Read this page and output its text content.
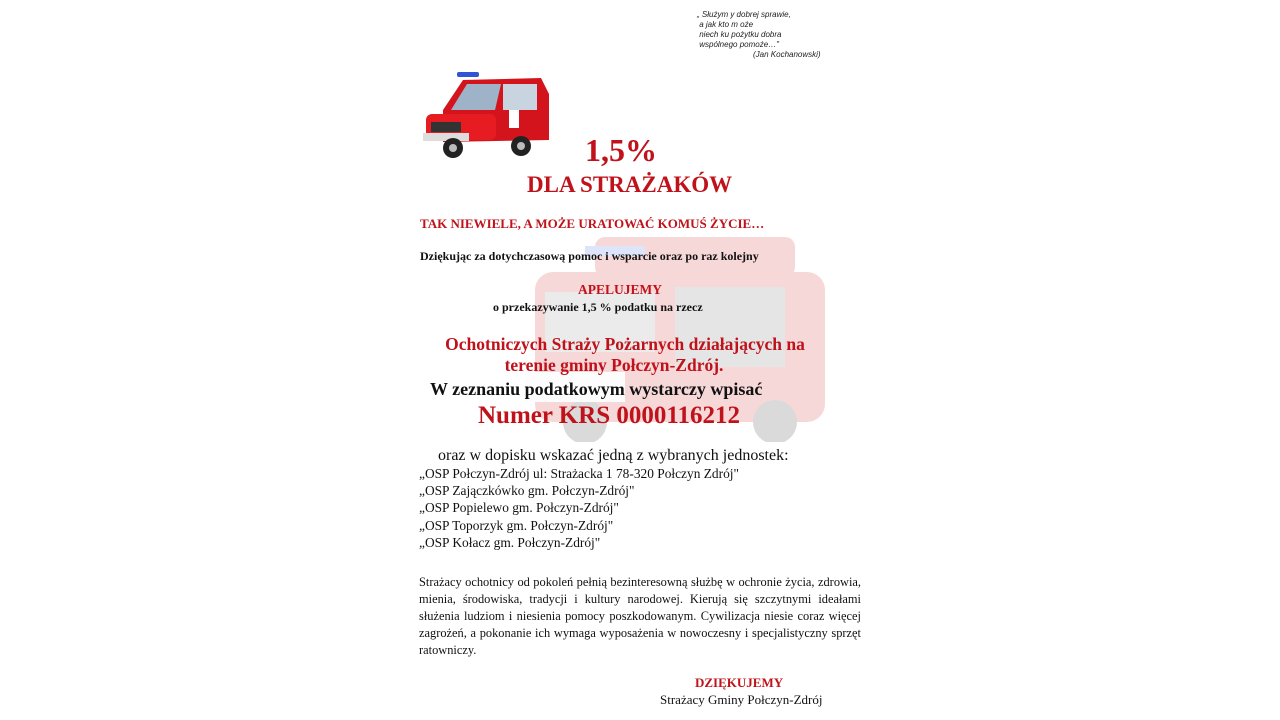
„ Służym y dobrej sprawie,
a jak kto m oże
niech ku pożytku dobra
wspólnego pomoże…"
(Jan Kochanowski)
1,5%
DLA STRAŻAKÓW
TAK NIEWIELE, A MOŻE URATOWAĆ KOMUŚ ŻYCIE…
Dziękując za dotychczasową pomoc i wsparcie oraz po raz kolejny
APELUJEMY
o przekazywanie 1,5 % podatku na rzecz
Ochotniczych Straży Pożarnych działających na
terenie gminy Połczyn-Zdrój.
W zeznaniu podatkowym wystarczy wpisać
Numer KRS 0000116212
oraz w dopisku wskazać jedną z wybranych jednostek:
„OSP Połczyn-Zdrój ul: Strażacka 1 78-320 Połczyn Zdrój"
„OSP Zajączkówko gm. Połczyn-Zdrój"
„OSP Popielewo gm. Połczyn-Zdrój"
„OSP Toporzyk gm. Połczyn-Zdrój"
„OSP Kołacz gm. Połczyn-Zdrój"
Strażacy ochotnicy od pokoleń pełnią bezinteresowną służbę w ochronie życia, zdrowia, mienia, środowiska, tradycji i kultury narodowej. Kierują się szczytnymi ideałami służenia ludziom i niesienia pomocy poszkodowanym. Cywilizacja niesie coraz więcej zagrożeń, a pokonanie ich wymaga wyposażenia w nowoczesny i specjalistyczny sprzęt ratowniczy.
DZIĘKUJEMY
Strażacy Gminy Połczyn-Zdrój
